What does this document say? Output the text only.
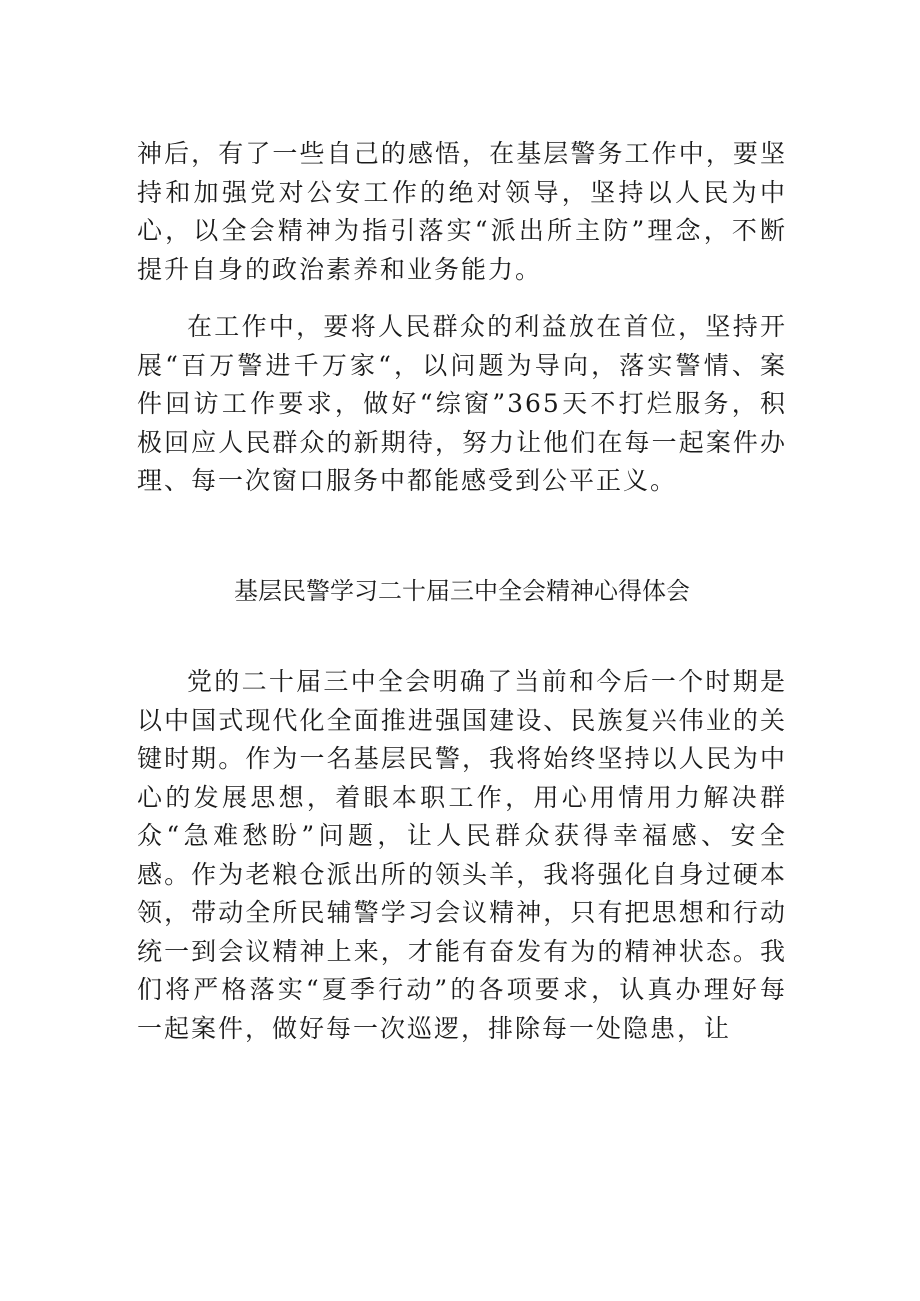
神后，有了一些自己的感悟，在基层警务工作中，要坚持和加强党对公安工作的绝对领导，坚持以人民为中心，以全会精神为指引落实“派出所主防”理念，不断提升自身的政治素养和业务能力。

在工作中，要将人民群众的利益放在首位，坚持开展“百万警进千万家“，以问题为导向，落实警情、案件回访工作要求，做好“综窗”365天不打烂服务，积极回应人民群众的新期待，努力让他们在每一起案件办理、每一次窗口服务中都能感受到公平正义。

基层民警学习二十届三中全会精神心得体会

党的二十届三中全会明确了当前和今后一个时期是以中国式现代化全面推进强国建设、民族复兴伟业的关键时期。作为一名基层民警，我将始终坚持以人民为中心的发展思想，着眼本职工作，用心用情用力解决群众“急难愁盼”问题，让人民群众获得幸福感、安全感。作为老粮仓派出所的领头羊，我将强化自身过硬本领，带动全所民辅警学习会议精神，只有把思想和行动统一到会议精神上来，才能有奋发有为的精神状态。我们将严格落实“夏季行动”的各项要求，认真办理好每一起案件，做好每一次巡逻，排除每一处隐患，让
